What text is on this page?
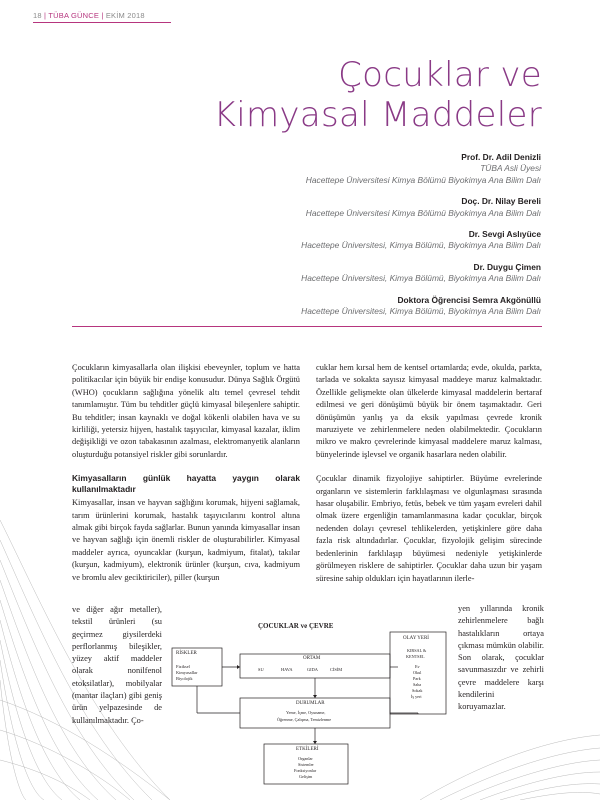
18 | TÜBA GÜNCE | EKİM 2018
Çocuklar ve
Kimyasal Maddeler
Prof. Dr. Adil Denizli
TÜBA Asli Üyesi
Hacettepe Üniversitesi Kimya Bölümü Biyokimya Ana Bilim Dalı
Doç. Dr. Nilay Bereli
Hacettepe Üniversitesi Kimya Bölümü Biyokimya Ana Bilim Dalı
Dr. Sevgi Aslıyüce
Hacettepe Üniversitesi, Kimya Bölümü, Biyokimya Ana Bilim Dalı
Dr. Duygu Çimen
Hacettepe Üniversitesi, Kimya Bölümü, Biyokimya Ana Bilim Dalı
Doktora Öğrencisi Semra Akgönüllü
Hacettepe Üniversitesi, Kimya Bölümü, Biyokimya Ana Bilim Dalı

Çocukların kimyasallarla olan ilişkisi ebeveynler, toplum ve hatta politikacılar için büyük bir endişe konusudur. Dünya Sağlık Örgütü (WHO) çocukların sağlığına yönelik altı temel çevresel tehdit tanımlamıştır. Tüm bu tehditler güçlü kimyasal bileşenlere sahiptir. Bu tehditler; insan kaynaklı ve doğal kökenli olabilen hava ve su kirliliği, yetersiz hijyen, hastalık taşıyıcılar, kimyasal kazalar, iklim değişikliği ve ozon tabakasının azalması, elektromanyetik alanların oluşturduğu potansiyel riskler gibi sorunlardır.

Kimyasalların günlük hayatta yaygın olarak kullanılmaktadır

Kimyasallar, insan ve hayvan sağlığını korumak, hijyeni sağlamak, tarım ürünlerini korumak, hastalık taşıyıcılarını kontrol altına almak gibi birçok fayda sağlarlar. Bunun yanında kimyasallar insan ve hayvan sağlığı için önemli riskler de oluşturabilirler. Kimyasal maddeler ayrıca, oyuncaklar (kurşun, kadmiyum, fitalat), takılar (kurşun, kadmiyum), elektronik ürünler (kurşun, cıva, kadmiyum ve bromlu alev geciktiriciler), piller (kurşun

ve diğer ağır metaller), tekstil ürünleri (su geçirmez giysilerdeki perflorlanmış bileşikler, yüzey aktif maddeler olarak nonilfenol etoksilatlar), mobilyalar (mantar ilaçları) gibi geniş ürün yelpazesinde de kullanılmaktadır. Ço-

cuklar hem kırsal hem de kentsel ortamlarda; evde, okulda, parkta, tarlada ve sokakta sayısız kimyasal maddeye maruz kalmaktadır. Özellikle gelişmekte olan ülkelerde kimyasal maddelerin bertaraf edilmesi ve geri dönüşümü büyük bir önem taşımaktadır. Geri dönüşümün yanlış ya da eksik yapılması çevrede kronik maruziyete ve zehirlenmelere neden olabilmektedir. Çocukların mikro ve makro çevrelerinde kimyasal maddelere maruz kalması, bünyelerinde işlevsel ve organik hasarlara neden olabilir.

Çocuklar dinamik fizyolojiye sahiptirler. Büyüme evrelerinde organların ve sistemlerin farklılaşması ve olgunlaşması sırasında hasar oluşabilir. Embriyo, fetüs, bebek ve tüm yaşam evreleri dahil olmak üzere ergenliğin tamamlanmasına kadar çocuklar, birçok nedenden dolayı çevresel tehlikelerden, yetişkinlere göre daha fazla risk altındadırlar. Çocuklar, fizyolojik gelişim sürecinde bedenlerinin farklılaşıp büyümesi nedeniyle yetişkinlerde görülmeyen risklere de sahiptirler. Çocuklar daha uzun bir yaşam süresine sahip oldukları için hayatlarının ilerle-

yen yıllarında kronik zehirlenmelere bağlı hastalıkların ortaya çıkması mümkün olabilir. Son olarak, çocuklar savunmasızdır ve zehirli çevre maddelere karşı kendilerini koruyamazlar.
ÇOCUKLAR ve ÇEVRE
RİSKLER
Fiziksel
Kimyasallar
Biyolojik
ORTAM
SU	HAVA	GIDA	CİSİM
OLAY YERİ
KIRSAL &
KENTSEL
Ev
Okul
Park
Saha
Sokak
İş yeri
DURUMLAR
Yeme, İçme, Oyuname,
Öğrenme, Çalışma, Temizlenme
ETKİLERİ
Organlar
Sistemler
Fonksiyonlar
Gelişim
